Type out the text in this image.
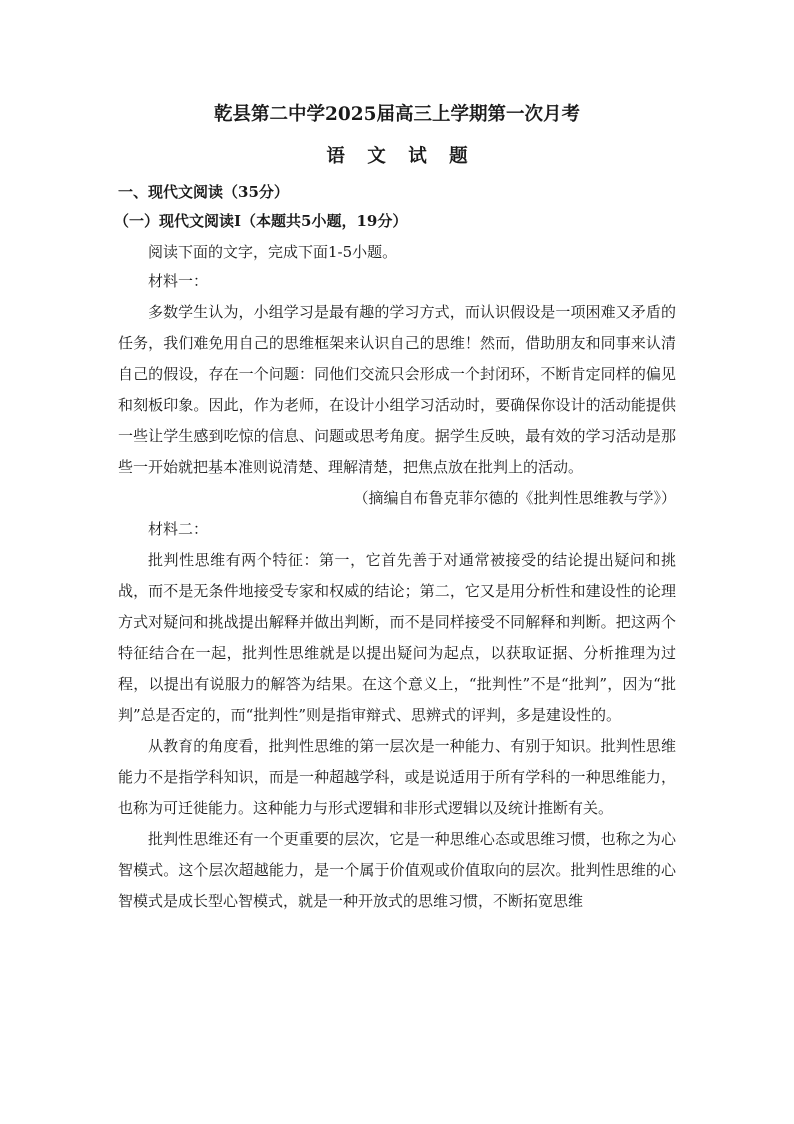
乾县第二中学2025届高三上学期第一次月考
语 文 试 题

一、现代文阅读（35分）

（一）现代文阅读Ⅰ（本题共5小题，19分）

阅读下面的文字，完成下面1-5小题。

材料一：

多数学生认为，小组学习是最有趣的学习方式，而认识假设是一项困难又矛盾的任务，我们难免用自己的思维框架来认识自己的思维！然而，借助朋友和同事来认清自己的假设，存在一个问题：同他们交流只会形成一个封闭环，不断肯定同样的偏见和刻板印象。因此，作为老师，在设计小组学习活动时，要确保你设计的活动能提供一些让学生感到吃惊的信息、问题或思考角度。据学生反映，最有效的学习活动是那些一开始就把基本准则说清楚、理解清楚，把焦点放在批判上的活动。

（摘编自布鲁克菲尔德的《批判性思维教与学》）

材料二：

批判性思维有两个特征：第一，它首先善于对通常被接受的结论提出疑问和挑战，而不是无条件地接受专家和权威的结论；第二，它又是用分析性和建设性的论理方式对疑问和挑战提出解释并做出判断，而不是同样接受不同解释和判断。把这两个特征结合在一起，批判性思维就是以提出疑问为起点，以获取证据、分析推理为过程，以提出有说服力的解答为结果。在这个意义上，“批判性”不是“批判”，因为“批判”总是否定的，而“批判性”则是指审辩式、思辨式的评判，多是建设性的。

从教育的角度看，批判性思维的第一层次是一种能力、有别于知识。批判性思维能力不是指学科知识，而是一种超越学科，或是说适用于所有学科的一种思维能力，也称为可迁徙能力。这种能力与形式逻辑和非形式逻辑以及统计推断有关。

批判性思维还有一个更重要的层次，它是一种思维心态或思维习惯，也称之为心智模式。这个层次超越能力，是一个属于价值观或价值取向的层次。批判性思维的心智模式是成长型心智模式，就是一种开放式的思维习惯，不断拓宽思维
